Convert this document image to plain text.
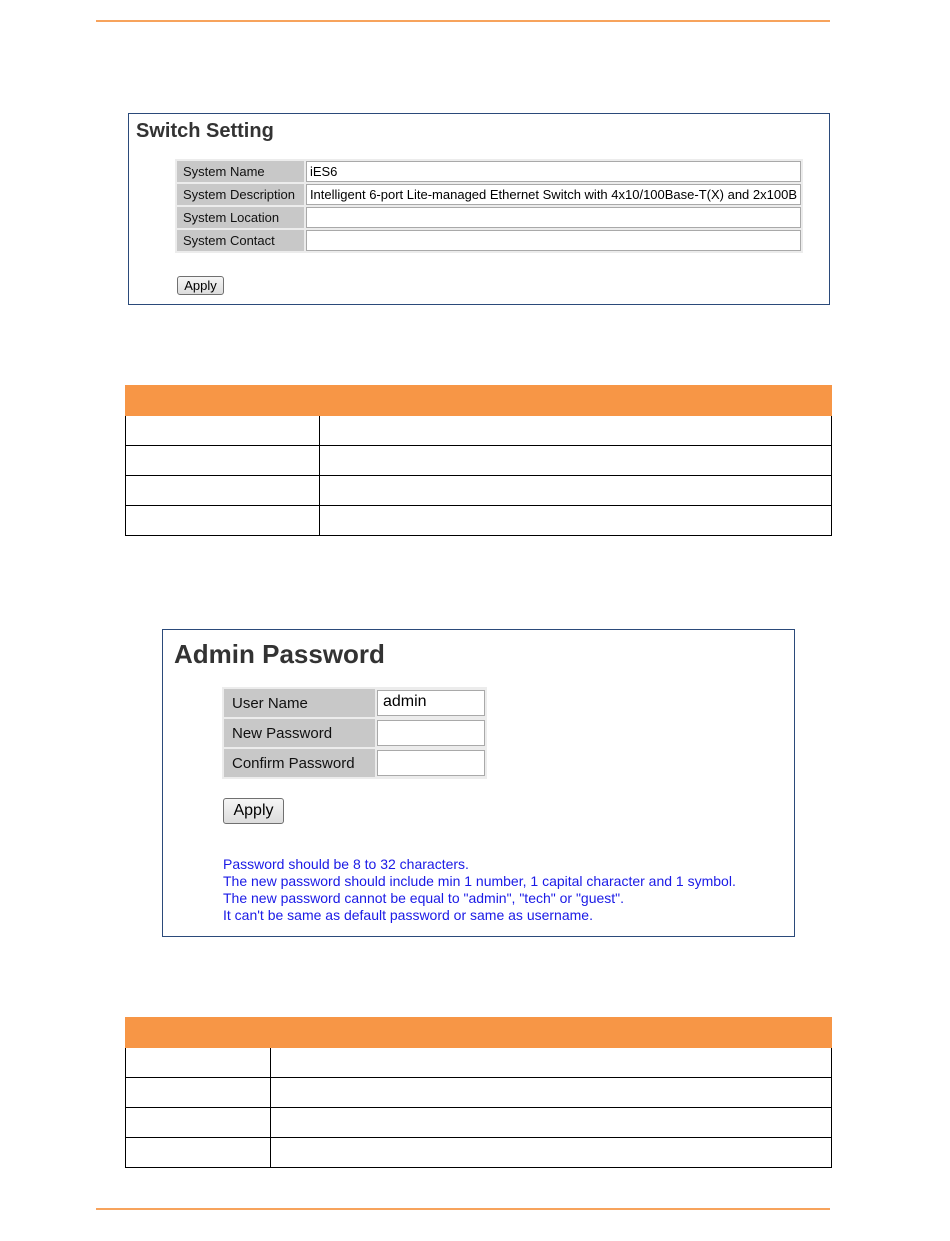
Switch Setting
System Name	iES6

System Description	Intelligent 6-port Lite-managed Ethernet Switch with 4x10/100Base-T(X) and 2x100B

System Location	

System Contact	
Apply

Admin Password
User Name	admin

New Password	

Confirm Password	
Apply
Password should be 8 to 32 characters.
The new password should include min 1 number, 1 capital character and 1 symbol.
The new password cannot be equal to "admin", "tech" or "guest".
It can't be same as default password or same as username.
